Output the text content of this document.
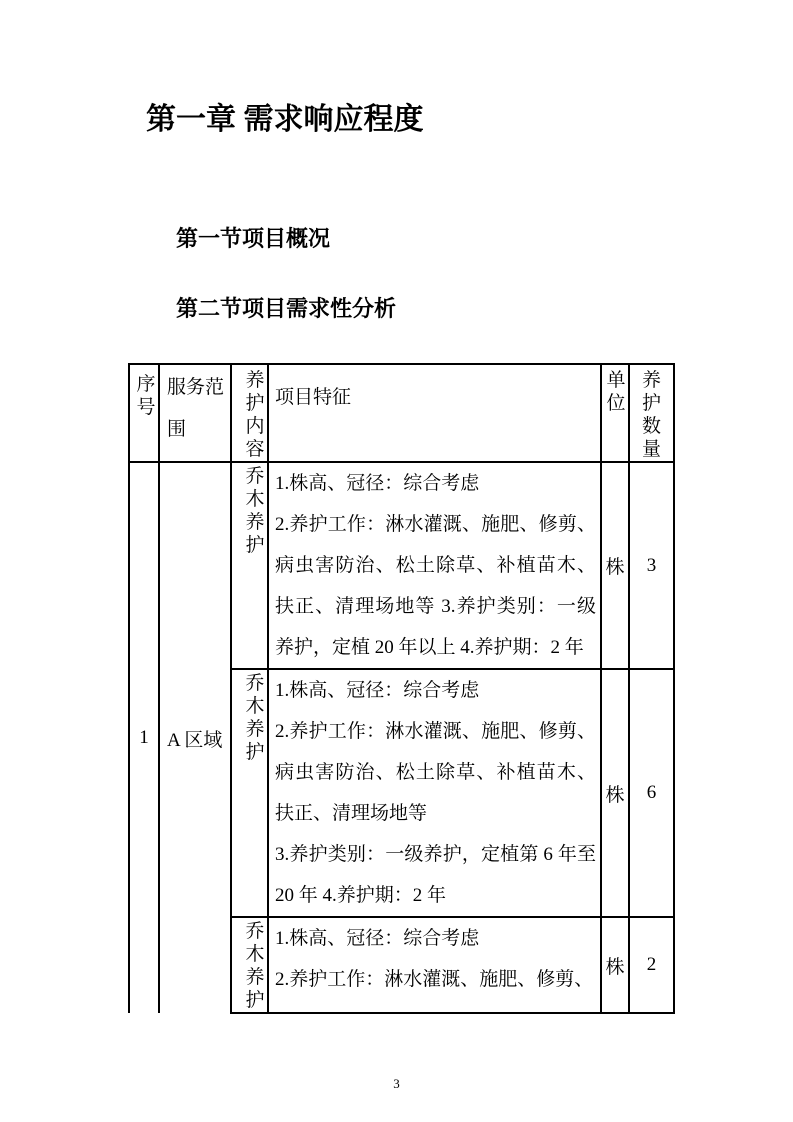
第一章 需求响应程度
第一节项目概况
第二节项目需求性分析
序号	服务范围	养护内容	项目特征	单位	养护数量

1	A 区域	乔木养护	1.株高、冠径：综合考虑

2.养护工作：淋水灌溉、施肥、修剪、病虫害防治、松土除草、补植苗木、扶正、清理场地等 3.养护类别：一级养护，定植 20 年以上 4.养护期：2 年	株	3

		乔木养护	1.株高、冠径：综合考虑

2.养护工作：淋水灌溉、施肥、修剪、病虫害防治、松土除草、补植苗木、扶正、清理场地等

3.养护类别：一级养护，定植第 6 年至 20 年 4.养护期：2 年	株	6

		乔木养护	1.株高、冠径：综合考虑

2.养护工作：淋水灌溉、施肥、修剪、	株	2
3
